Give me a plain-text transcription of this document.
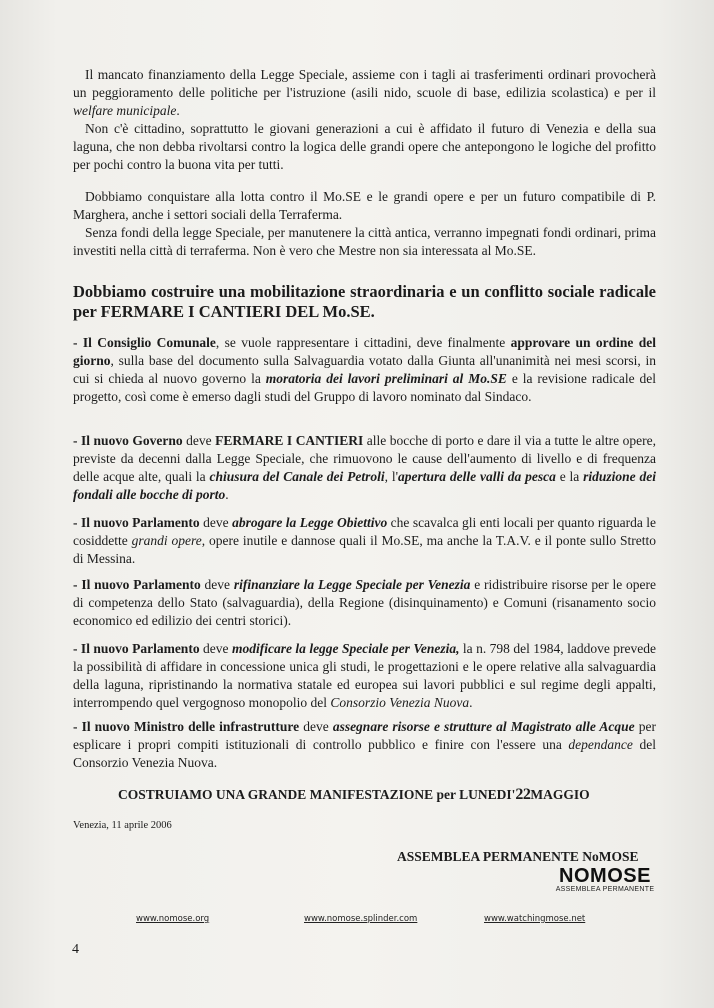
Il mancato finanziamento della Legge Speciale, assieme con i tagli ai trasferimenti ordinari provocherà un peggioramento delle politiche per l'istruzione (asili nido, scuole di base, edilizia scolastica) e per il welfare municipale.

Non c'è cittadino, soprattutto le giovani generazioni a cui è affidato il futuro di Venezia e della sua laguna, che non debba rivoltarsi contro la logica delle grandi opere che antepongono le logiche del profitto per pochi contro la buona vita per tutti.

Dobbiamo conquistare alla lotta contro il Mo.SE e le grandi opere e per un futuro compatibile di P. Marghera, anche i settori sociali della Terraferma.

Senza fondi della legge Speciale, per manutenere la città antica, verranno impegnati fondi ordinari, prima investiti nella città di terraferma. Non è vero che Mestre non sia interessata al Mo.SE.

Dobbiamo costruire una mobilitazione straordinaria e un conflitto sociale radicale per FERMARE I CANTIERI DEL Mo.SE.

- Il Consiglio Comunale, se vuole rappresentare i cittadini, deve finalmente approvare un ordine del giorno, sulla base del documento sulla Salvaguardia votato dalla Giunta all'unanimità nei mesi scorsi, in cui si chieda al nuovo governo la moratoria dei lavori preliminari al Mo.SE e la revisione radicale del progetto, così come è emerso dagli studi del Gruppo di lavoro nominato dal Sindaco.

- Il nuovo Governo deve FERMARE I CANTIERI alle bocche di porto e dare il via a tutte le altre opere, previste da decenni dalla Legge Speciale, che rimuovono le cause dell'aumento di livello e di frequenza delle acque alte, quali la chiusura del Canale dei Petroli, l'apertura delle valli da pesca e la riduzione dei fondali alle bocche di porto.

- Il nuovo Parlamento deve abrogare la Legge Obiettivo che scavalca gli enti locali per quanto riguarda le cosiddette grandi opere, opere inutile e dannose quali il Mo.SE, ma anche la T.A.V. e il ponte sullo Stretto di Messina.

- Il nuovo Parlamento deve rifinanziare la Legge Speciale per Venezia e ridistribuire risorse per le opere di competenza dello Stato (salvaguardia), della Regione (disinquinamento) e Comuni (risanamento socio economico ed edilizio dei centri storici).

- Il nuovo Parlamento deve modificare la legge Speciale per Venezia, la n. 798 del 1984, laddove prevede la possibilità di affidare in concessione unica gli studi, le progettazioni e le opere relative alla salvaguardia della laguna, ripristinando la normativa statale ed europea sui lavori pubblici e sul regime degli appalti, interrompendo quel vergognoso monopolio del Consorzio Venezia Nuova.

- Il nuovo Ministro delle infrastrutture deve assegnare risorse e strutture al Magistrato alle Acque per esplicare i propri compiti istituzionali di controllo pubblico e finire con l'essere una dependance del Consorzio Venezia Nuova.

COSTRUIAMO UNA GRANDE MANIFESTAZIONE per LUNEDI'22MAGGIO
Venezia, 11 aprile 2006
ASSEMBLEA PERMANENTE NoMOSE
NOMOSE
ASSEMBLEA PERMANENTE
www.nomose.org	www.nomose.splinder.com	www.watchingmose.net
4
